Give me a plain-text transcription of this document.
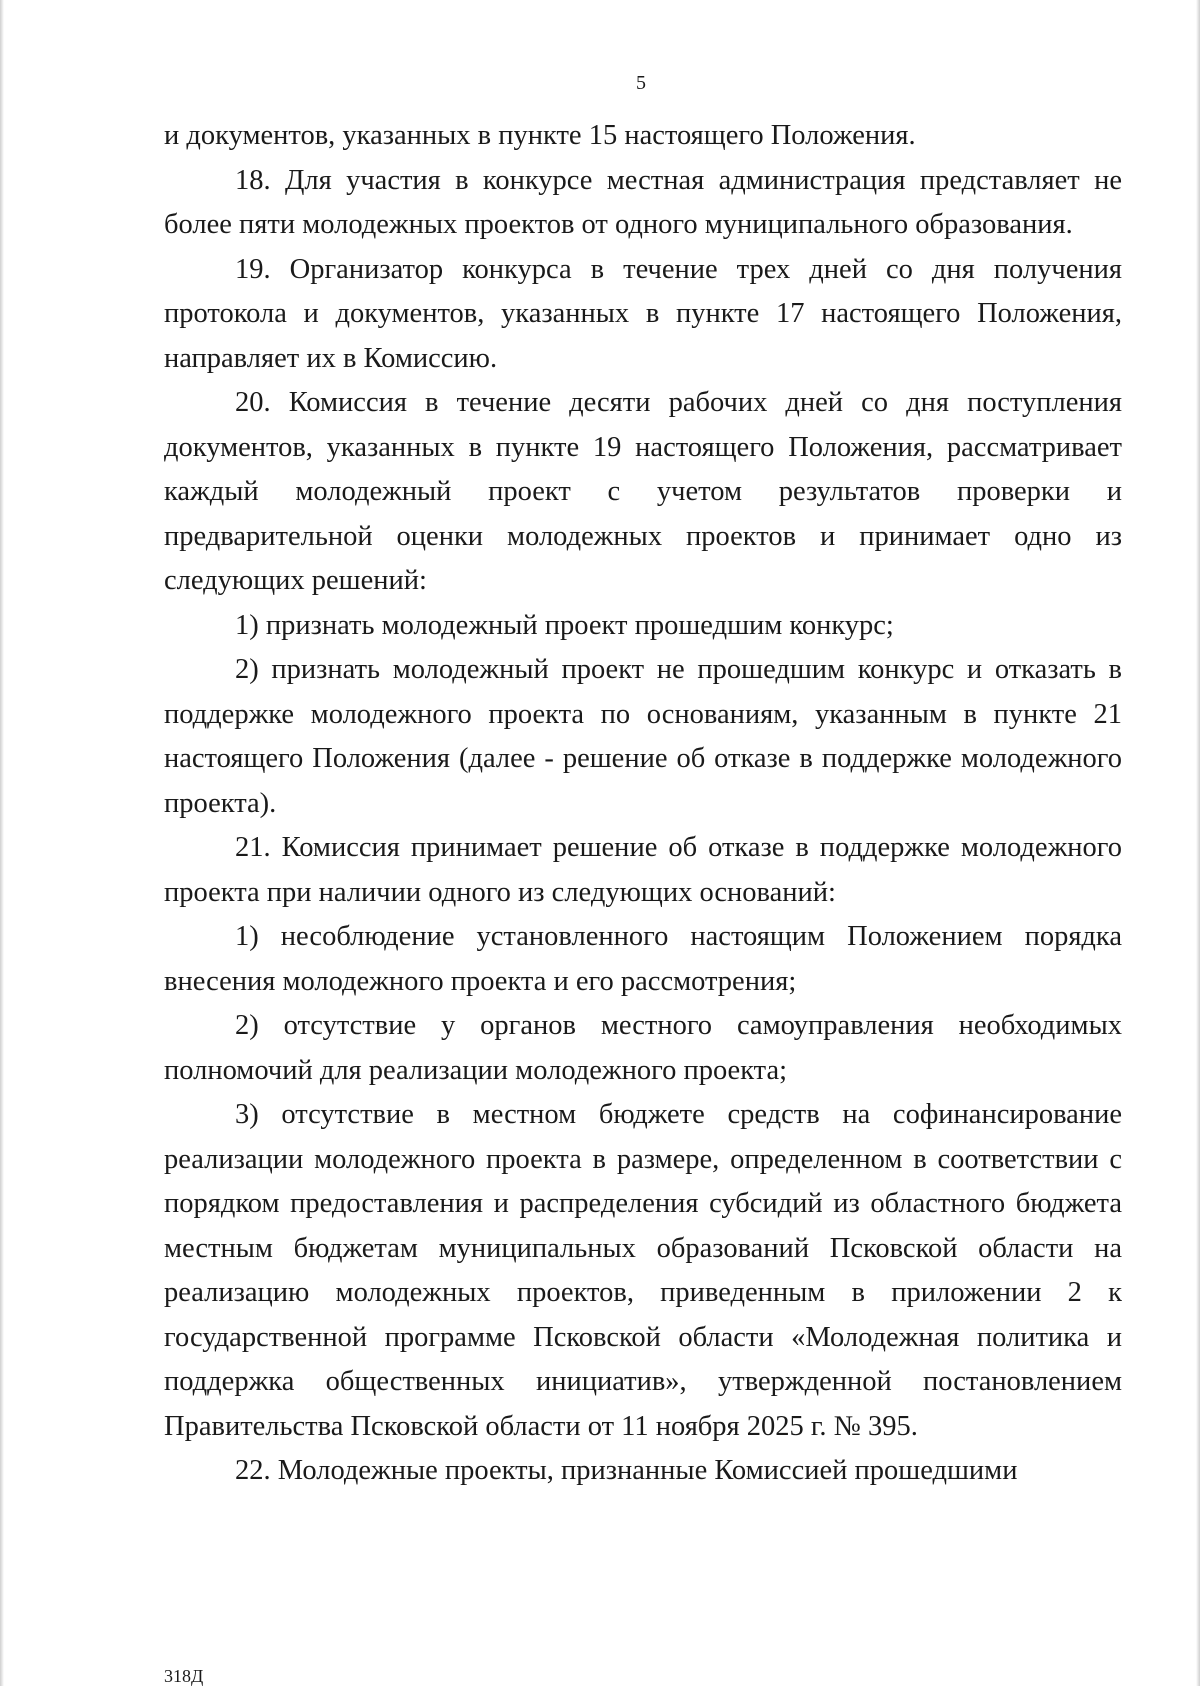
5

и документов, указанных в пункте 15 настоящего Положения.

18. Для участия в конкурсе местная администрация представляет не более пяти молодежных проектов от одного муниципального образования.

19. Организатор конкурса в течение трех дней со дня получения протокола и документов, указанных в пункте 17 настоящего Положения, направляет их в Комиссию.

20. Комиссия в течение десяти рабочих дней со дня поступления документов, указанных в пункте 19 настоящего Положения, рассматривает каждый молодежный проект с учетом результатов проверки и предварительной оценки молодежных проектов и принимает одно из следующих решений:

1) признать молодежный проект прошедшим конкурс;

2) признать молодежный проект не прошедшим конкурс и отказать в поддержке молодежного проекта по основаниям, указанным в пункте 21 настоящего Положения (далее - решение об отказе в поддержке молодежного проекта).

21. Комиссия принимает решение об отказе в поддержке молодежного проекта при наличии одного из следующих оснований:

1) несоблюдение установленного настоящим Положением порядка внесения молодежного проекта и его рассмотрения;

2) отсутствие у органов местного самоуправления необходимых полномочий для реализации молодежного проекта;

3) отсутствие в местном бюджете средств на софинансирование реализации молодежного проекта в размере, определенном в соответствии с порядком предоставления и распределения субсидий из областного бюджета местным бюджетам муниципальных образований Псковской области на реализацию молодежных проектов, приведенным в приложении 2 к государственной программе Псковской области «Молодежная политика и поддержка общественных инициатив», утвержденной постановлением Правительства Псковской области от 11 ноября 2025 г. № 395.

22. Молодежные проекты, признанные Комиссией прошедшими

318Д
